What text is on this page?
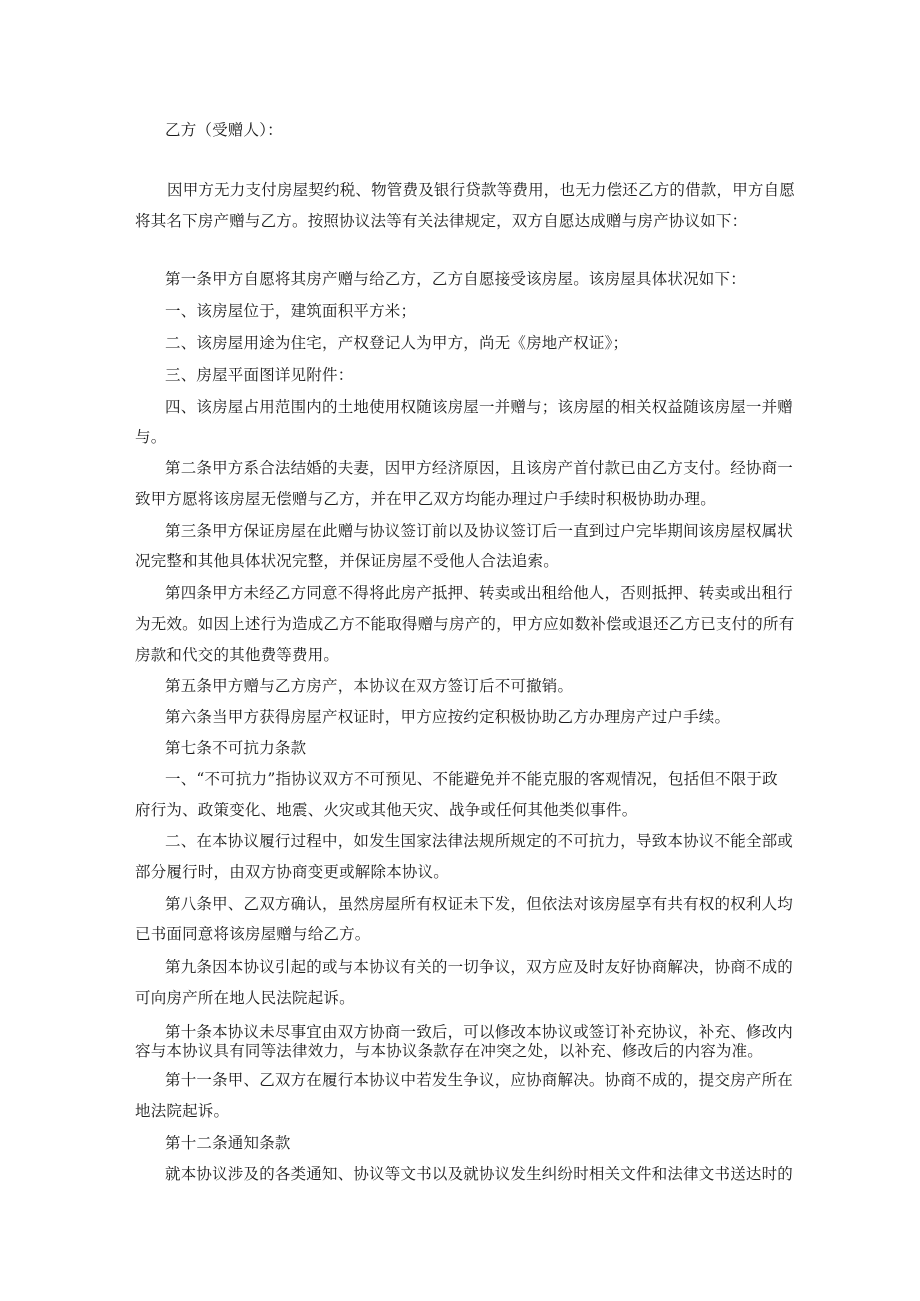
乙方（受赠人）：
因甲方无力支付房屋契约税、物管费及银行贷款等费用，也无力偿还乙方的借款，甲方自愿
将其名下房产赠与乙方。按照协议法等有关法律规定，双方自愿达成赠与房产协议如下：
第一条甲方自愿将其房产赠与给乙方，乙方自愿接受该房屋。该房屋具体状况如下：
一、该房屋位于，建筑面积平方米；
二、该房屋用途为住宅，产权登记人为甲方，尚无《房地产权证》；
三、房屋平面图详见附件：
四、该房屋占用范围内的土地使用权随该房屋一并赠与；该房屋的相关权益随该房屋一并赠
与。
第二条甲方系合法结婚的夫妻，因甲方经济原因，且该房产首付款已由乙方支付。经协商一
致甲方愿将该房屋无偿赠与乙方，并在甲乙双方均能办理过户手续时积极协助办理。
第三条甲方保证房屋在此赠与协议签订前以及协议签订后一直到过户完毕期间该房屋权属状
况完整和其他具体状况完整，并保证房屋不受他人合法追索。
第四条甲方未经乙方同意不得将此房产抵押、转卖或出租给他人，否则抵押、转卖或出租行
为无效。如因上述行为造成乙方不能取得赠与房产的，甲方应如数补偿或退还乙方已支付的所有
房款和代交的其他费等费用。
第五条甲方赠与乙方房产，本协议在双方签订后不可撤销。
第六条当甲方获得房屋产权证时，甲方应按约定积极协助乙方办理房产过户手续。
第七条不可抗力条款
一、“不可抗力”指协议双方不可预见、不能避免并不能克服的客观情况，包括但不限于政
府行为、政策变化、地震、火灾或其他天灾、战争或任何其他类似事件。
二、在本协议履行过程中，如发生国家法律法规所规定的不可抗力，导致本协议不能全部或
部分履行时，由双方协商变更或解除本协议。
第八条甲、乙双方确认，虽然房屋所有权证未下发，但依法对该房屋享有共有权的权利人均
已书面同意将该房屋赠与给乙方。
第九条因本协议引起的或与本协议有关的一切争议，双方应及时友好协商解决，协商不成的
可向房产所在地人民法院起诉。
第十条本协议未尽事宜由双方协商一致后，可以修改本协议或签订补充协议，补充、修改内
容与本协议具有同等法律效力，与本协议条款存在冲突之处，以补充、修改后的内容为准。
第十一条甲、乙双方在履行本协议中若发生争议，应协商解决。协商不成的，提交房产所在
地法院起诉。
第十二条通知条款
就本协议涉及的各类通知、协议等文书以及就协议发生纠纷时相关文件和法律文书送达时的
